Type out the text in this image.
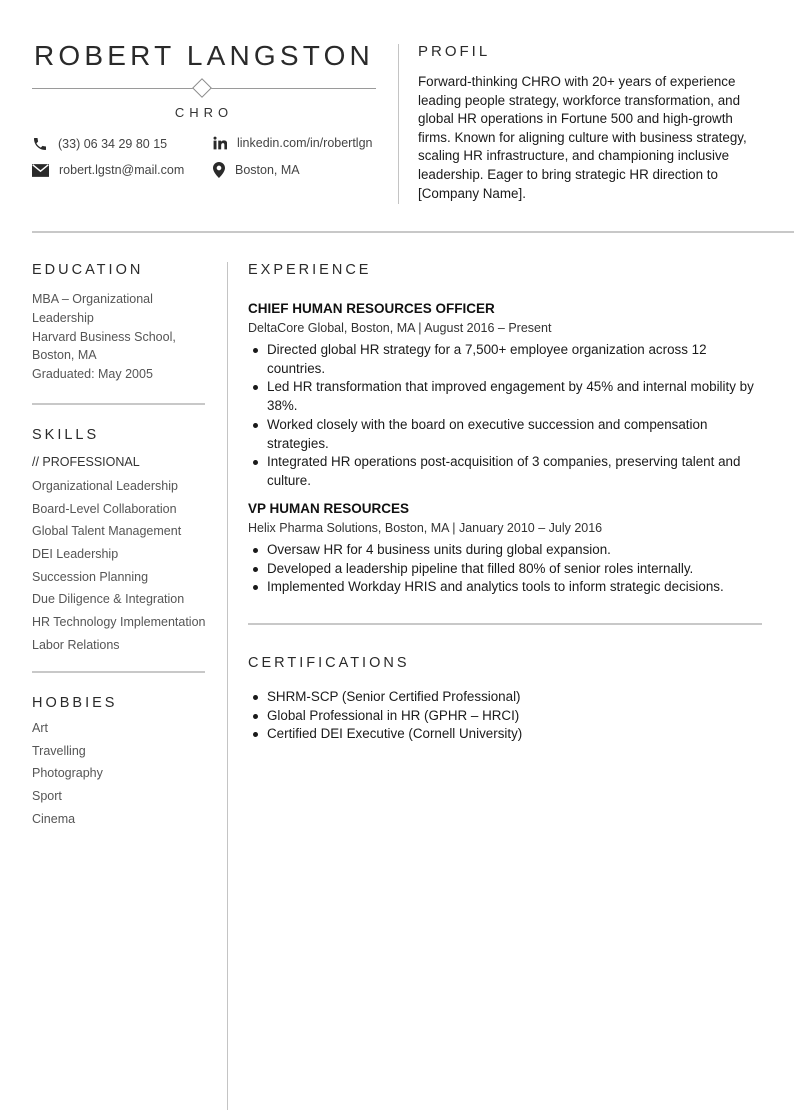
ROBERT LANGSTON
CHRO
(33) 06 34 29 80 15
robert.lgstn@mail.com
linkedin.com/in/robertlgn
Boston, MA
PROFIL

Forward-thinking CHRO with 20+ years of experience leading people strategy, workforce transformation, and global HR operations in Fortune 500 and high-growth firms. Known for aligning culture with business strategy, scaling HR infrastructure, and championing inclusive leadership. Eager to bring strategic HR direction to [Company Name].

EDUCATION
MBA – Organizational
Leadership
Harvard Business School,
Boston, MA
Graduated: May 2005
SKILLS
// PROFESSIONAL
Organizational Leadership
Board-Level Collaboration
Global Talent Management
DEI Leadership
Succession Planning
Due Diligence & Integration
HR Technology Implementation
Labor Relations
HOBBIES
Art
Travelling
Photography
Sport
Cinema
EXPERIENCE
CHIEF HUMAN RESOURCES OFFICER
DeltaCore Global, Boston, MA | August 2016 – Present
Directed global HR strategy for a 7,500+ employee organization across 12 countries.
Led HR transformation that improved engagement by 45% and internal mobility by 38%.
Worked closely with the board on executive succession and compensation strategies.
Integrated HR operations post-acquisition of 3 companies, preserving talent and culture.
VP HUMAN RESOURCES
Helix Pharma Solutions, Boston, MA | January 2010 – July 2016
Oversaw HR for 4 business units during global expansion.
Developed a leadership pipeline that filled 80% of senior roles internally.
Implemented Workday HRIS and analytics tools to inform strategic decisions.
CERTIFICATIONS
SHRM-SCP (Senior Certified Professional)
Global Professional in HR (GPHR – HRCI)
Certified DEI Executive (Cornell University)
